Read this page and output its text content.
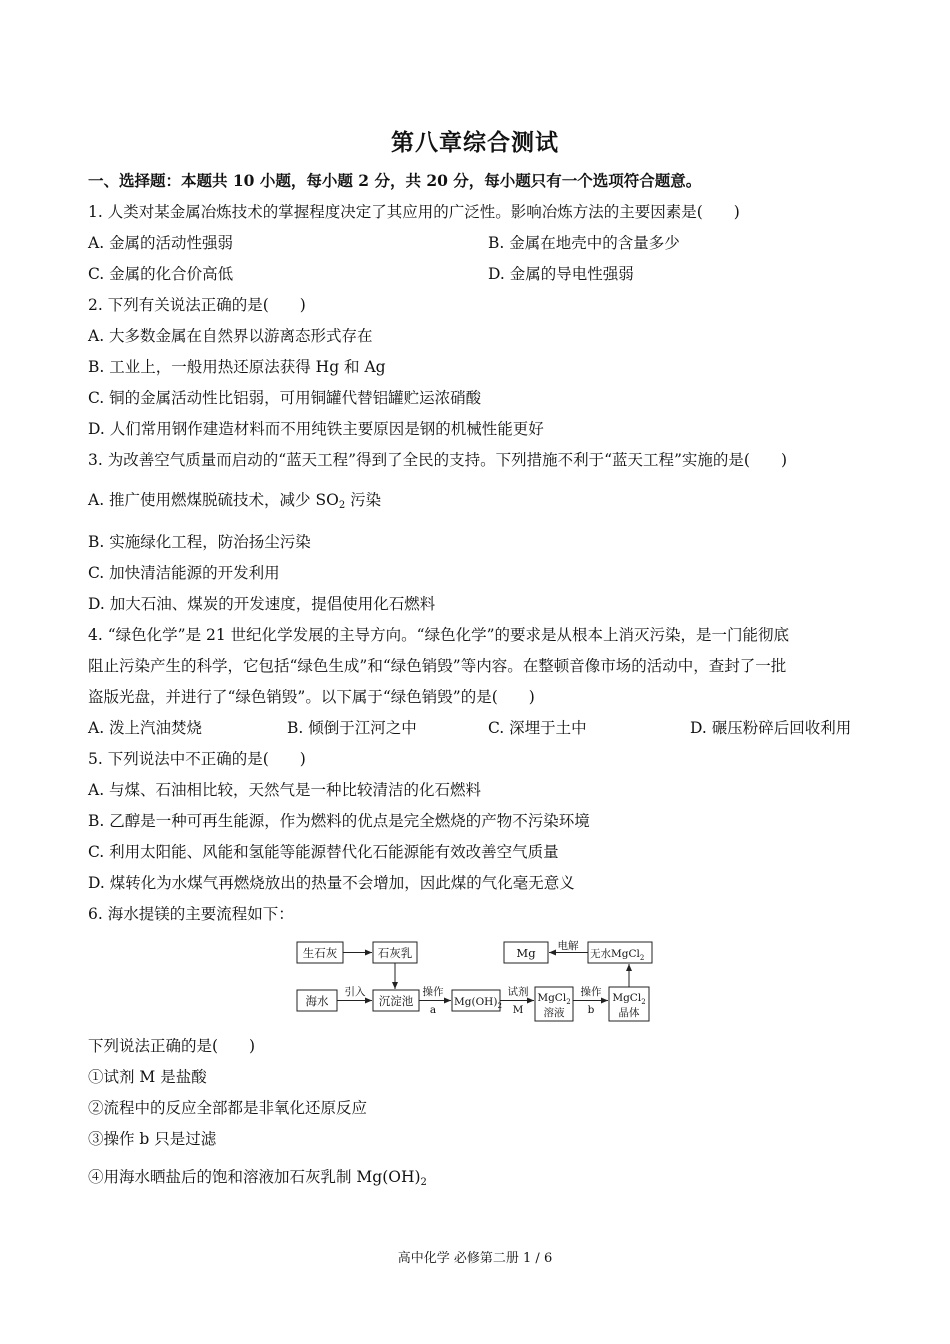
第八章综合测试
一、选择题：本题共 10 小题，每小题 2 分，共 20 分，每小题只有一个选项符合题意。
1. 人类对某金属冶炼技术的掌握程度决定了其应用的广泛性。影响冶炼方法的主要因素是(　　)
A. 金属的活动性强弱	B. 金属在地壳中的含量多少
C. 金属的化合价高低	D. 金属的导电性强弱
2. 下列有关说法正确的是(　　)
A. 大多数金属在自然界以游离态形式存在
B. 工业上，一般用热还原法获得 Hg 和 Ag
C. 铜的金属活动性比铝弱，可用铜罐代替铝罐贮运浓硝酸
D. 人们常用钢作建造材料而不用纯铁主要原因是钢的机械性能更好
3. 为改善空气质量而启动的“蓝天工程”得到了全民的支持。下列措施不利于“蓝天工程”实施的是(　　)
A. 推广使用燃煤脱硫技术，减少 $SO_2$ 污染
B. 实施绿化工程，防治扬尘污染
C. 加快清洁能源的开发利用
D. 加大石油、煤炭的开发速度，提倡使用化石燃料
4. “绿色化学”是 21 世纪化学发展的主导方向。“绿色化学”的要求是从根本上消灭污染，是一门能彻底
阻止污染产生的科学，它包括“绿色生成”和“绿色销毁”等内容。在整顿音像市场的活动中，查封了一批
盗版光盘，并进行了“绿色销毁”。以下属于“绿色销毁”的是(　　)
A. 泼上汽油焚烧	B. 倾倒于江河之中	C. 深埋于土中	D. 碾压粉碎后回收利用
5. 下列说法中不正确的是(　　)
A. 与煤、石油相比较，天然气是一种比较清洁的化石燃料
B. 乙醇是一种可再生能源，作为燃料的优点是完全燃烧的产物不污染环境
C. 利用太阳能、风能和氢能等能源替代化石能源能有效改善空气质量
D. 煤转化为水煤气再燃烧放出的热量不会增加，因此煤的气化毫无意义
6. 海水提镁的主要流程如下：
生石灰	石灰乳	Mg 电解
无水MgCl$_2$
海水
引入
沉淀池
操作
a
$Mg(OH)_2$
试剂
M
MgCl$_2$
溶液
操作
b
MgCl$_2$
晶体
下列说法正确的是(　　)
①试剂 M 是盐酸
②流程中的反应全部都是非氧化还原反应
③操作 b 只是过滤
④用海水晒盐后的饱和溶液加石灰乳制 $Mg(OH)_2$
高中化学 必修第二册 1 / 6
